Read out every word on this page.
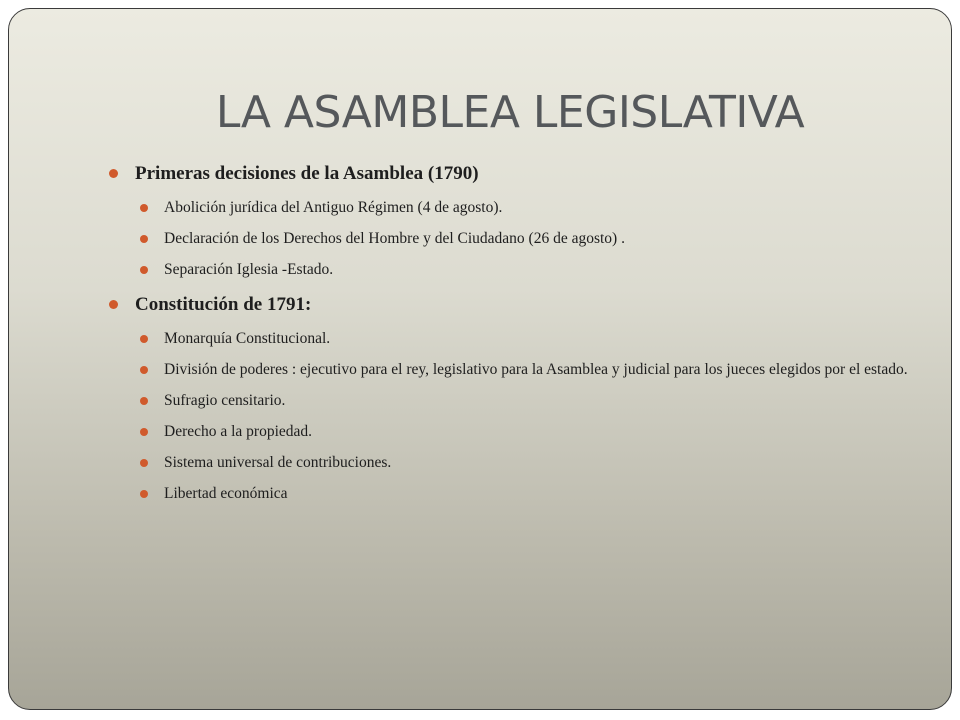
LA ASAMBLEA LEGISLATIVA
Primeras decisiones de la Asamblea (1790)
Abolición jurídica del Antiguo Régimen (4 de agosto).
Declaración de los Derechos del Hombre y del Ciudadano (26 de agosto) .
Separación Iglesia -Estado.
Constitución de 1791:
Monarquía Constitucional.
División de poderes : ejecutivo para el rey, legislativo para la Asamblea y judicial para los jueces elegidos por el estado.
Sufragio censitario.
Derecho a la propiedad.
Sistema universal de contribuciones.
Libertad económica
